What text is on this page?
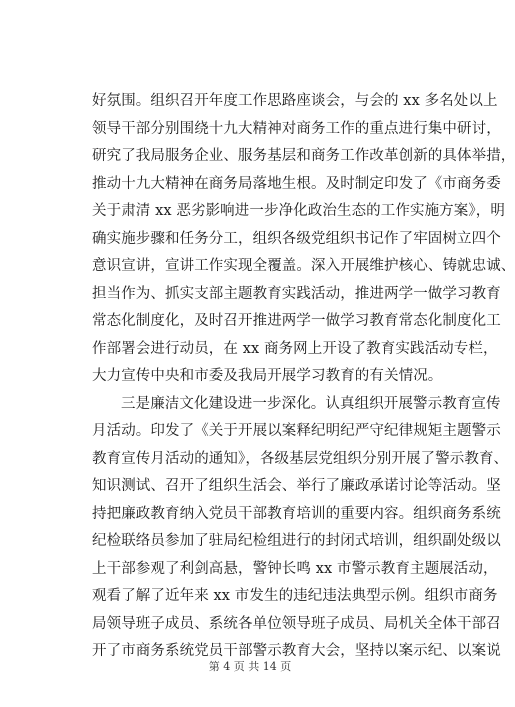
好氛围。组织召开年度工作思路座谈会，与会的 xx 多名处以上
领导干部分别围绕十九大精神对商务工作的重点进行集中研讨，
研究了我局服务企业、服务基层和商务工作改革创新的具体举措，
推动十九大精神在商务局落地生根。及时制定印发了《市商务委
关于肃清 xx 恶劣影响进一步净化政治生态的工作实施方案》，明
确实施步骤和任务分工，组织各级党组织书记作了牢固树立四个
意识宣讲，宣讲工作实现全覆盖。深入开展维护核心、铸就忠诚、
担当作为、抓实支部主题教育实践活动，推进两学一做学习教育
常态化制度化，及时召开推进两学一做学习教育常态化制度化工
作部署会进行动员，在 xx 商务网上开设了教育实践活动专栏，
大力宣传中央和市委及我局开展学习教育的有关情况。
三是廉洁文化建设进一步深化。认真组织开展警示教育宣传
月活动。印发了《关于开展以案释纪明纪严守纪律规矩主题警示
教育宣传月活动的通知》，各级基层党组织分别开展了警示教育、
知识测试、召开了组织生活会、举行了廉政承诺讨论等活动。坚
持把廉政教育纳入党员干部教育培训的重要内容。组织商务系统
纪检联络员参加了驻局纪检组进行的封闭式培训，组织副处级以
上干部参观了利剑高悬，警钟长鸣 xx 市警示教育主题展活动，
观看了解了近年来 xx 市发生的违纪违法典型示例。组织市商务
局领导班子成员、系统各单位领导班子成员、局机关全体干部召
开了市商务系统党员干部警示教育大会，坚持以案示纪、以案说
第 4 页 共 14 页
